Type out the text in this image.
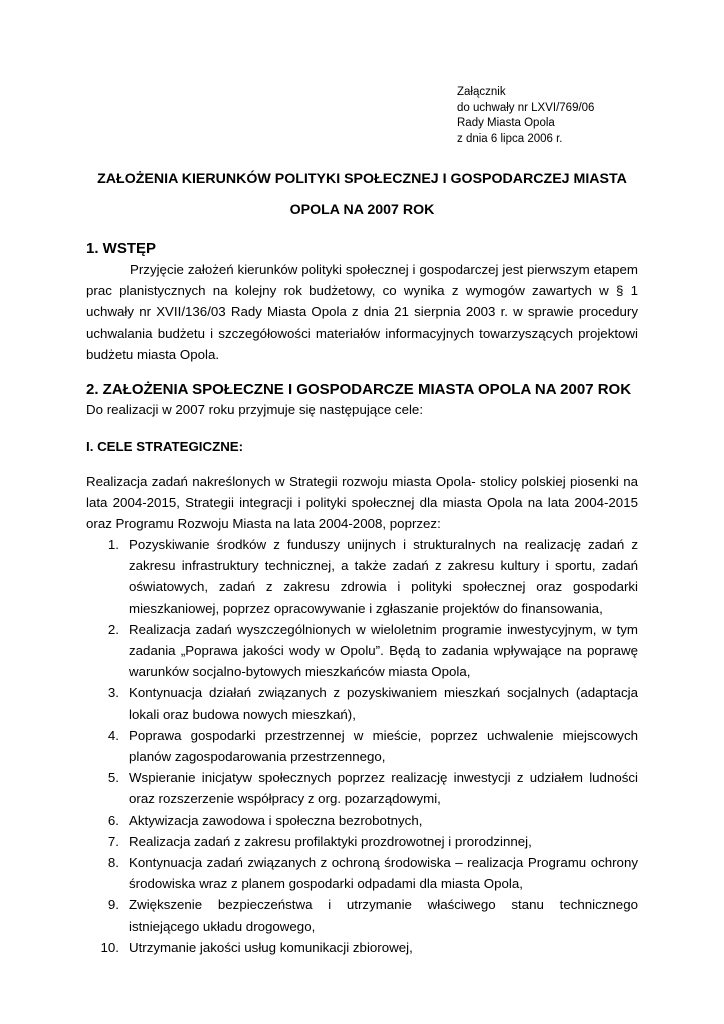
Załącznik
do uchwały nr LXVI/769/06
Rady Miasta Opola
z dnia 6 lipca 2006 r.
ZAŁOŻENIA KIERUNKÓW POLITYKI SPOŁECZNEJ I GOSPODARCZEJ MIASTA
OPOLA NA 2007 ROK
1. WSTĘP

Przyjęcie założeń kierunków polityki społecznej i gospodarczej jest pierwszym etapem prac planistycznych na kolejny rok budżetowy, co wynika z wymogów zawartych w § 1 uchwały nr XVII/136/03 Rady Miasta Opola z dnia 21 sierpnia 2003 r. w sprawie procedury uchwalania budżetu i szczegółowości materiałów informacyjnych towarzyszących projektowi budżetu miasta Opola.

2. ZAŁOŻENIA SPOŁECZNE I GOSPODARCZE MIASTA OPOLA NA 2007 ROK
Do realizacji w 2007 roku przyjmuje się następujące cele:
I. CELE STRATEGICZNE:

Realizacja zadań nakreślonych w Strategii rozwoju miasta Opola- stolicy polskiej piosenki na lata 2004-2015, Strategii integracji i polityki społecznej dla miasta Opola na lata 2004-2015 oraz Programu Rozwoju Miasta na lata 2004-2008, poprzez:

1. Pozyskiwanie środków z funduszy unijnych i strukturalnych na realizację zadań z zakresu infrastruktury technicznej, a także zadań z zakresu kultury i sportu, zadań oświatowych, zadań z zakresu zdrowia i polityki społecznej oraz gospodarki mieszkaniowej, poprzez opracowywanie i zgłaszanie projektów do finansowania,
2. Realizacja zadań wyszczególnionych w wieloletnim programie inwestycyjnym, w tym zadania „Poprawa jakości wody w Opolu”. Będą to zadania wpływające na poprawę warunków socjalno-bytowych mieszkańców miasta Opola,
3. Kontynuacja działań związanych z pozyskiwaniem mieszkań socjalnych (adaptacja lokali oraz budowa nowych mieszkań),
4. Poprawa gospodarki przestrzennej w mieście, poprzez uchwalenie miejscowych planów zagospodarowania przestrzennego,
5. Wspieranie inicjatyw społecznych poprzez realizację inwestycji z udziałem ludności oraz rozszerzenie współpracy z org. pozarządowymi,
6. Aktywizacja zawodowa i społeczna bezrobotnych,
7. Realizacja zadań z zakresu profilaktyki prozdrowotnej i prorodzinnej,
8. Kontynuacja zadań związanych z ochroną środowiska – realizacja Programu ochrony środowiska wraz z planem gospodarki odpadami dla miasta Opola,
9. Zwiększenie bezpieczeństwa i utrzymanie właściwego stanu technicznego istniejącego układu drogowego,
10. Utrzymanie jakości usług komunikacji zbiorowej,
